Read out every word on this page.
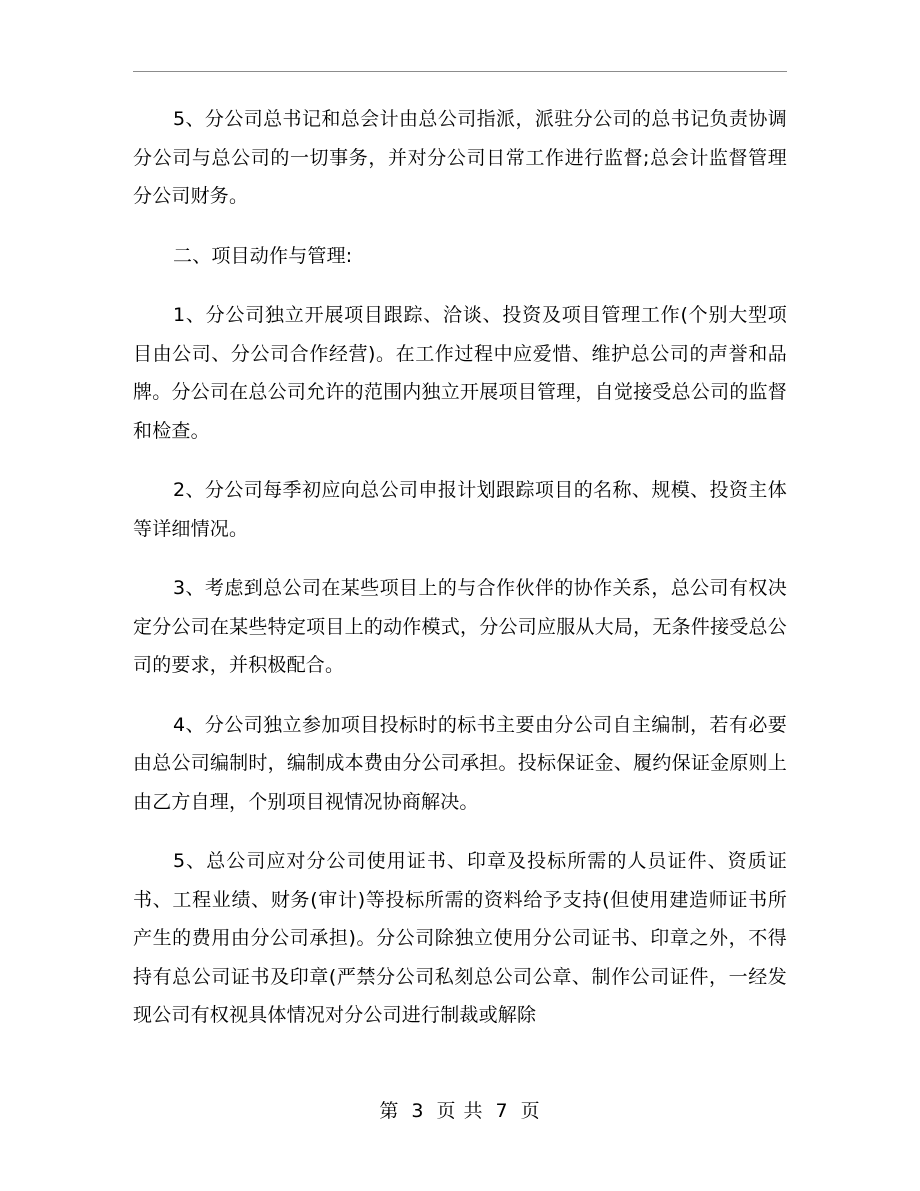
5、分公司总书记和总会计由总公司指派，派驻分公司的总书记负责协调分公司与总公司的一切事务，并对分公司日常工作进行监督;总会计监督管理分公司财务。

二、项目动作与管理:

1、分公司独立开展项目跟踪、洽谈、投资及项目管理工作(个别大型项目由公司、分公司合作经营)。在工作过程中应爱惜、维护总公司的声誉和品牌。分公司在总公司允许的范围内独立开展项目管理，自觉接受总公司的监督和检查。

2、分公司每季初应向总公司申报计划跟踪项目的名称、规模、投资主体等详细情况。

3、考虑到总公司在某些项目上的与合作伙伴的协作关系，总公司有权决定分公司在某些特定项目上的动作模式，分公司应服从大局，无条件接受总公司的要求，并积极配合。

4、分公司独立参加项目投标时的标书主要由分公司自主编制，若有必要由总公司编制时，编制成本费由分公司承担。投标保证金、履约保证金原则上由乙方自理，个别项目视情况协商解决。

5、总公司应对分公司使用证书、印章及投标所需的人员证件、资质证书、工程业绩、财务(审计)等投标所需的资料给予支持(但使用建造师证书所产生的费用由分公司承担)。分公司除独立使用分公司证书、印章之外，不得持有总公司证书及印章(严禁分公司私刻总公司公章、制作公司证件，一经发现公司有权视具体情况对分公司进行制裁或解除

第 3 页 共 7 页
